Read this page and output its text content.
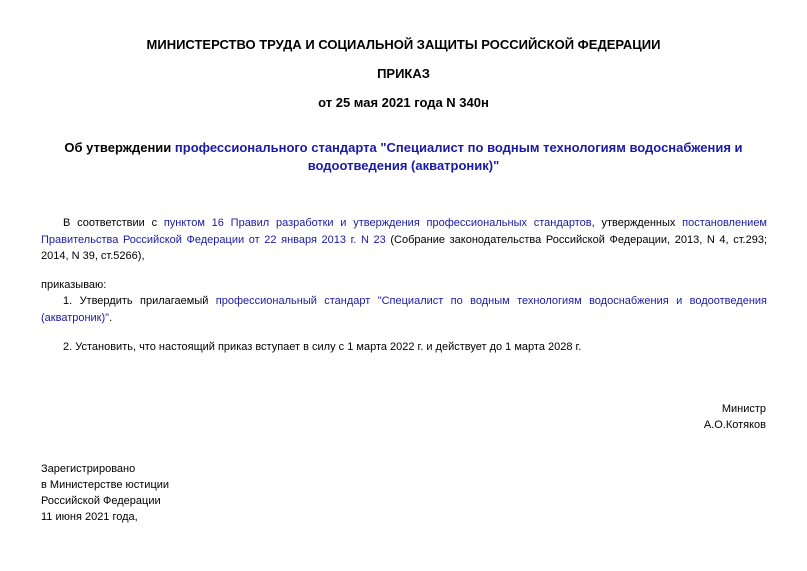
МИНИСТЕРСТВО ТРУДА И СОЦИАЛЬНОЙ ЗАЩИТЫ РОССИЙСКОЙ ФЕДЕРАЦИИ
ПРИКАЗ
от 25 мая 2021 года N 340н
Об утверждении профессионального стандарта "Специалист по водным технологиям водоснабжения и водоотведения (акватроник)"
В соответствии с пунктом 16 Правил разработки и утверждения профессиональных стандартов, утвержденных постановлением Правительства Российской Федерации от 22 января 2013 г. N 23 (Собрание законодательства Российской Федерации, 2013, N 4, ст.293; 2014, N 39, ст.5266),
приказываю:
1. Утвердить прилагаемый профессиональный стандарт "Специалист по водным технологиям водоснабжения и водоотведения (акватроник)".
2. Установить, что настоящий приказ вступает в силу с 1 марта 2022 г. и действует до 1 марта 2028 г.
Министр
А.О.Котяков
Зарегистрировано
в Министерстве юстиции
Российской Федерации
11 июня 2021 года,
